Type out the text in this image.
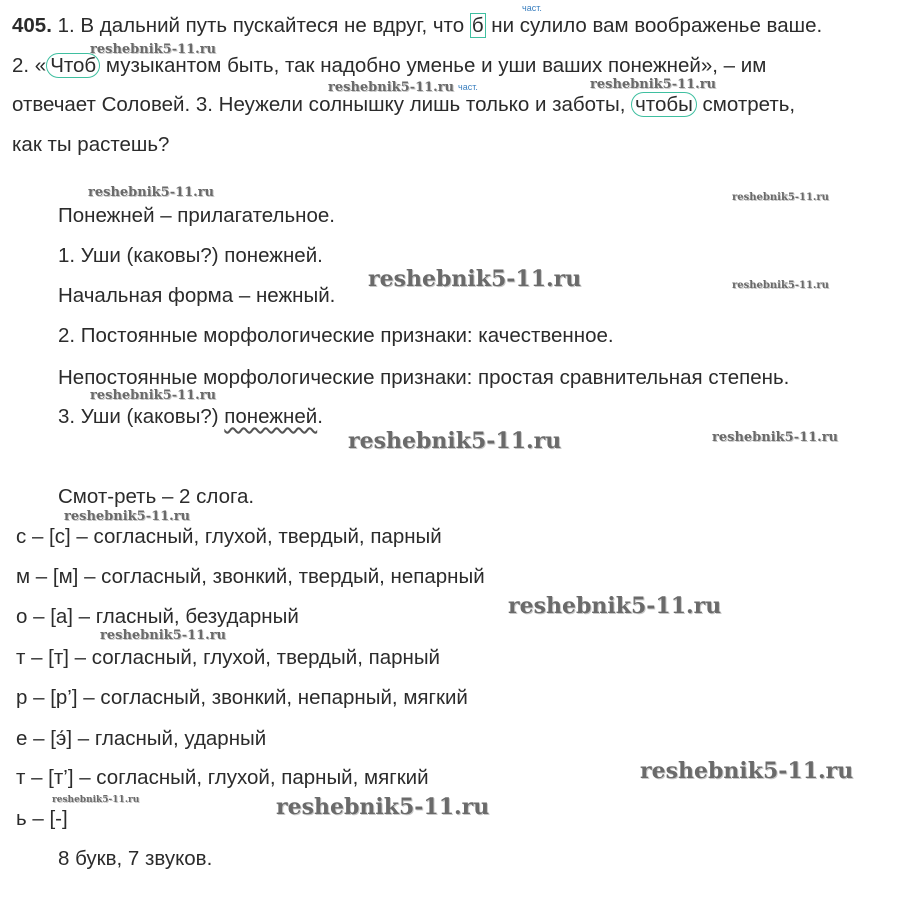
405. 1. В дальний путь пускайтеся не вдруг, что б ни сулило вам воображенье ваше.
част.
2. « Чтоб музыкантом быть, так надобно уменье и уши ваших понежней», – им
отвечает Соловей. 3. Неужели солнышку лишь только и заботы, чтобы смотреть,
част.
как ты растешь?
Понежней – прилагательное.
1. Уши (каковы?) понежней.
Начальная форма – нежный.
2. Постоянные морфологические признаки: качественное.
Непостоянные морфологические признаки: простая сравнительная степень.
3. Уши (каковы?) понежней.
Смот-реть – 2 слога.
с – [с] – согласный, глухой, твердый, парный
м – [м] – согласный, звонкий, твердый, непарный
о – [а] – гласный, безударный
т – [т] – согласный, глухой, твердый, парный
р – [р’] – согласный, звонкий, непарный, мягкий
е – [э́] – гласный, ударный
т – [т’] – согласный, глухой, парный, мягкий
ь – [-]
8 букв, 7 звуков.
reshebnik5-11.ru
reshebnik5-11.ru	reshebnik5-11.ru
reshebnik5-11.ru	reshebnik5-11.ru
reshebnik5-11.ru	reshebnik5-11.ru
reshebnik5-11.ru
reshebnik5-11.ru	reshebnik5-11.ru
reshebnik5-11.ru
reshebnik5-11.ru
reshebnik5-11.ru
reshebnik5-11.ru
reshebnik5-11.ru	reshebnik5-11.ru
